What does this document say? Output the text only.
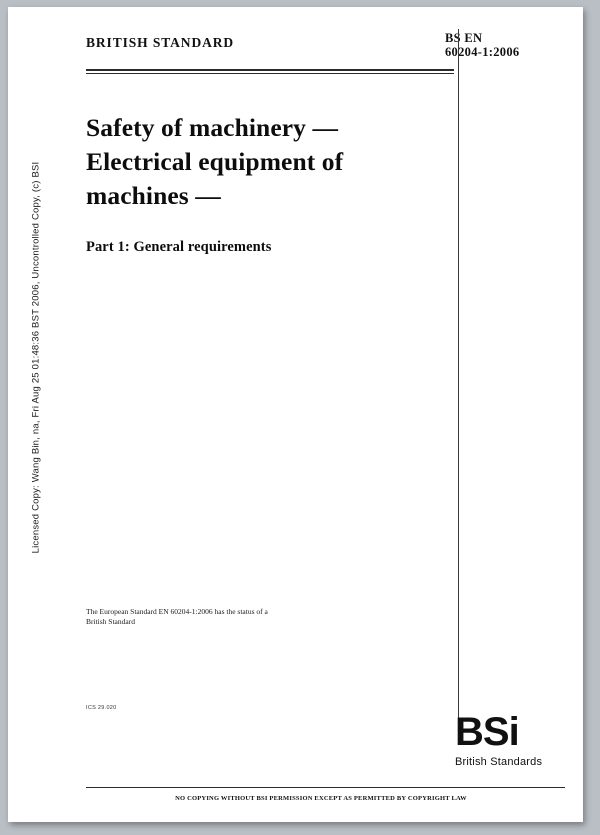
Licensed Copy: Wang Bin, na, Fri Aug 25 01:48:36 BST 2006, Uncontrolled Copy, (c) BSI
BRITISH STANDARD	BS EN
60204-1:2006
Safety of machinery —
Electrical equipment of
machines —
Part 1: General requirements
The European Standard EN 60204-1:2006 has the status of a
British Standard
ICS 29.020
BSi
British Standards
NO COPYING WITHOUT BSI PERMISSION EXCEPT AS PERMITTED BY COPYRIGHT LAW
